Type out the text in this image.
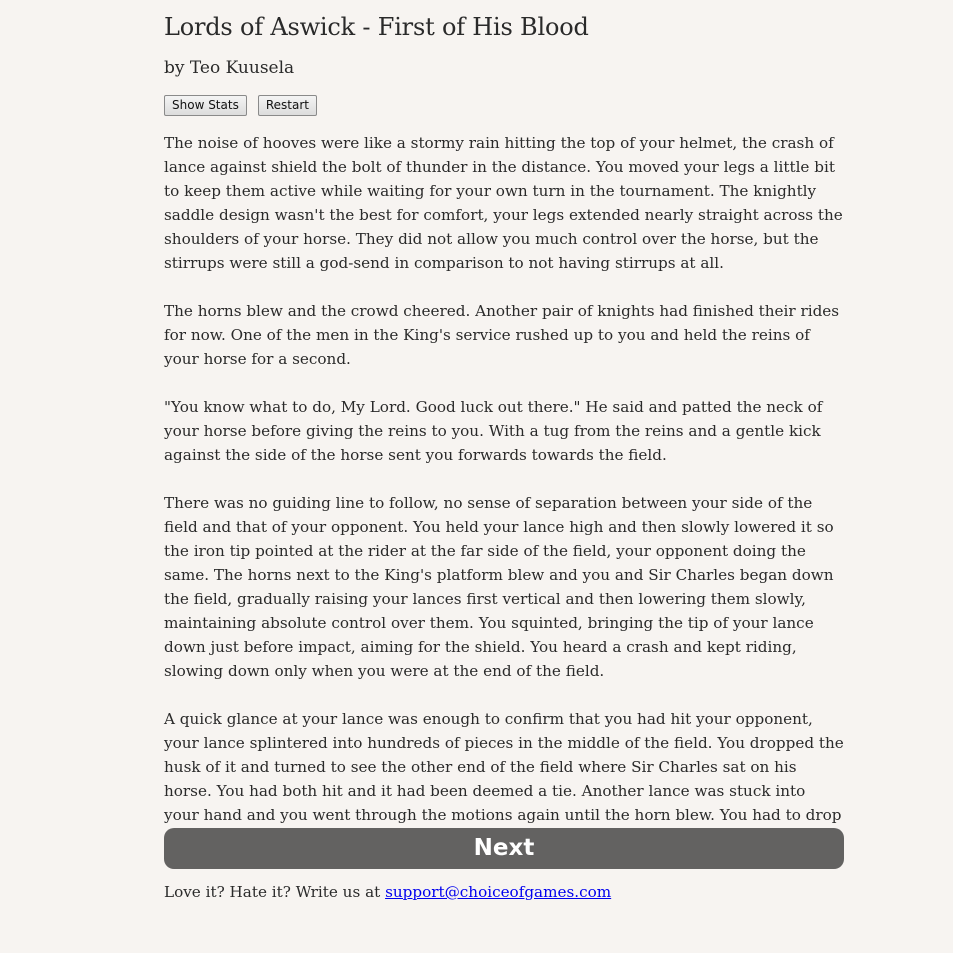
Lords of Aswick - First of His Blood
by Teo Kuusela
Show Stats	Restart

The noise of hooves were like a stormy rain hitting the top of your helmet, the crash of lance against shield the bolt of thunder in the distance. You moved your legs a little bit to keep them active while waiting for your own turn in the tournament. The knightly saddle design wasn't the best for comfort, your legs extended nearly straight across the shoulders of your horse. They did not allow you much control over the horse, but the stirrups were still a god-send in comparison to not having stirrups at all.

The horns blew and the crowd cheered. Another pair of knights had finished their rides for now. One of the men in the King's service rushed up to you and held the reins of your horse for a second.

"You know what to do, My Lord. Good luck out there." He said and patted the neck of your horse before giving the reins to you. With a tug from the reins and a gentle kick against the side of the horse sent you forwards towards the field.

There was no guiding line to follow, no sense of separation between your side of the field and that of your opponent. You held your lance high and then slowly lowered it so the iron tip pointed at the rider at the far side of the field, your opponent doing the same. The horns next to the King's platform blew and you and Sir Charles began down the field, gradually raising your lances first vertical and then lowering them slowly, maintaining absolute control over them. You squinted, bringing the tip of your lance down just before impact, aiming for the shield. You heard a crash and kept riding, slowing down only when you were at the end of the field.

A quick glance at your lance was enough to confirm that you had hit your opponent, your lance splintered into hundreds of pieces in the middle of the field. You dropped the husk of it and turned to see the other end of the field where Sir Charles sat on his horse. You had both hit and it had been deemed a tie. Another lance was stuck into your hand and you went through the motions again until the horn blew. You had to drop

Next
Love it? Hate it? Write us at support@choiceofgames.com
